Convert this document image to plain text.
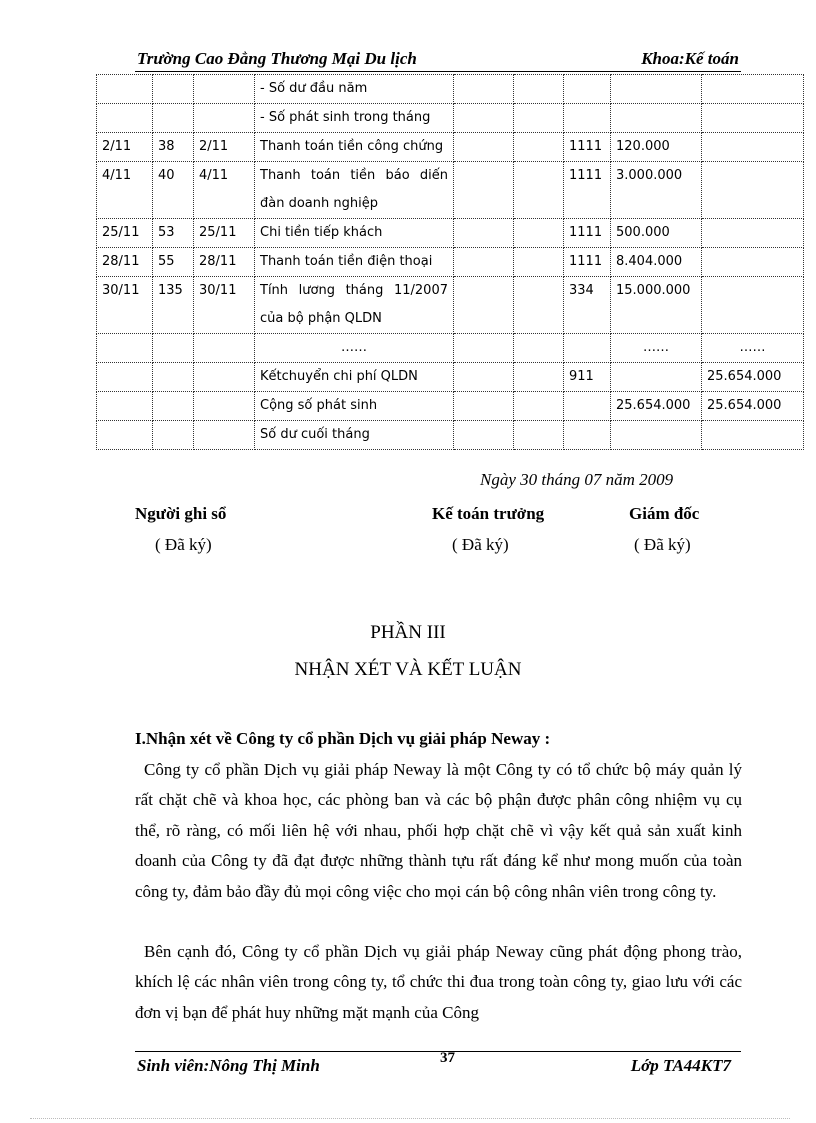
Trường Cao Đẳng Thương Mại Du lịch	Khoa:Kế toán
			- Số dư đầu năm					
			- Số phát sinh trong tháng					
2/11	38	2/11	Thanh toán tiền công chứng			1111	120.000	
4/11	40	4/11	Thanh toán tiền báo diến đàn doanh nghiệp			1111	3.000.000	
25/11	53	25/11	Chi tiền tiếp khách			1111	500.000	
28/11	55	28/11	Thanh toán tiền điện thoại			1111	8.404.000	
30/11	135	30/11	Tính lương tháng 11/2007 của bộ phận QLDN			334	15.000.000	
			……				……	……
			Kếtchuyển chi phí QLDN			911		25.654.000
			Cộng số phát sinh				25.654.000	25.654.000
			Số dư cuối tháng					
Ngày 30 tháng 07 năm 2009
Người ghi sổ
( Đã ký)
Kế toán trưởng
( Đã ký)
Giám đốc
( Đã ký)
PHẦN III
NHẬN XÉT VÀ KẾT LUẬN
I.Nhận xét về Công ty cổ phần Dịch vụ giải pháp Neway :

Công ty cổ phần Dịch vụ giải pháp Neway là một Công ty có tổ chức bộ máy quản lý rất chặt chẽ và khoa học, các phòng ban và các bộ phận được phân công nhiệm vụ cụ thể, rõ ràng, có mối liên hệ với nhau, phối hợp chặt chẽ vì vậy kết quả sản xuất kinh doanh của Công ty đã đạt được những thành tựu rất đáng kể như mong muốn của toàn công ty, đảm bảo đầy đủ mọi công việc cho mọi cán bộ công nhân viên trong công ty.

Bên cạnh đó, Công ty cổ phần Dịch vụ giải pháp Neway cũng phát động phong trào, khích lệ các nhân viên trong công ty, tổ chức thi đua trong toàn công ty, giao lưu với các đơn vị bạn để phát huy những mặt mạnh của Công

Sinh viên:Nông Thị Minh	37	Lớp TA44KT7
